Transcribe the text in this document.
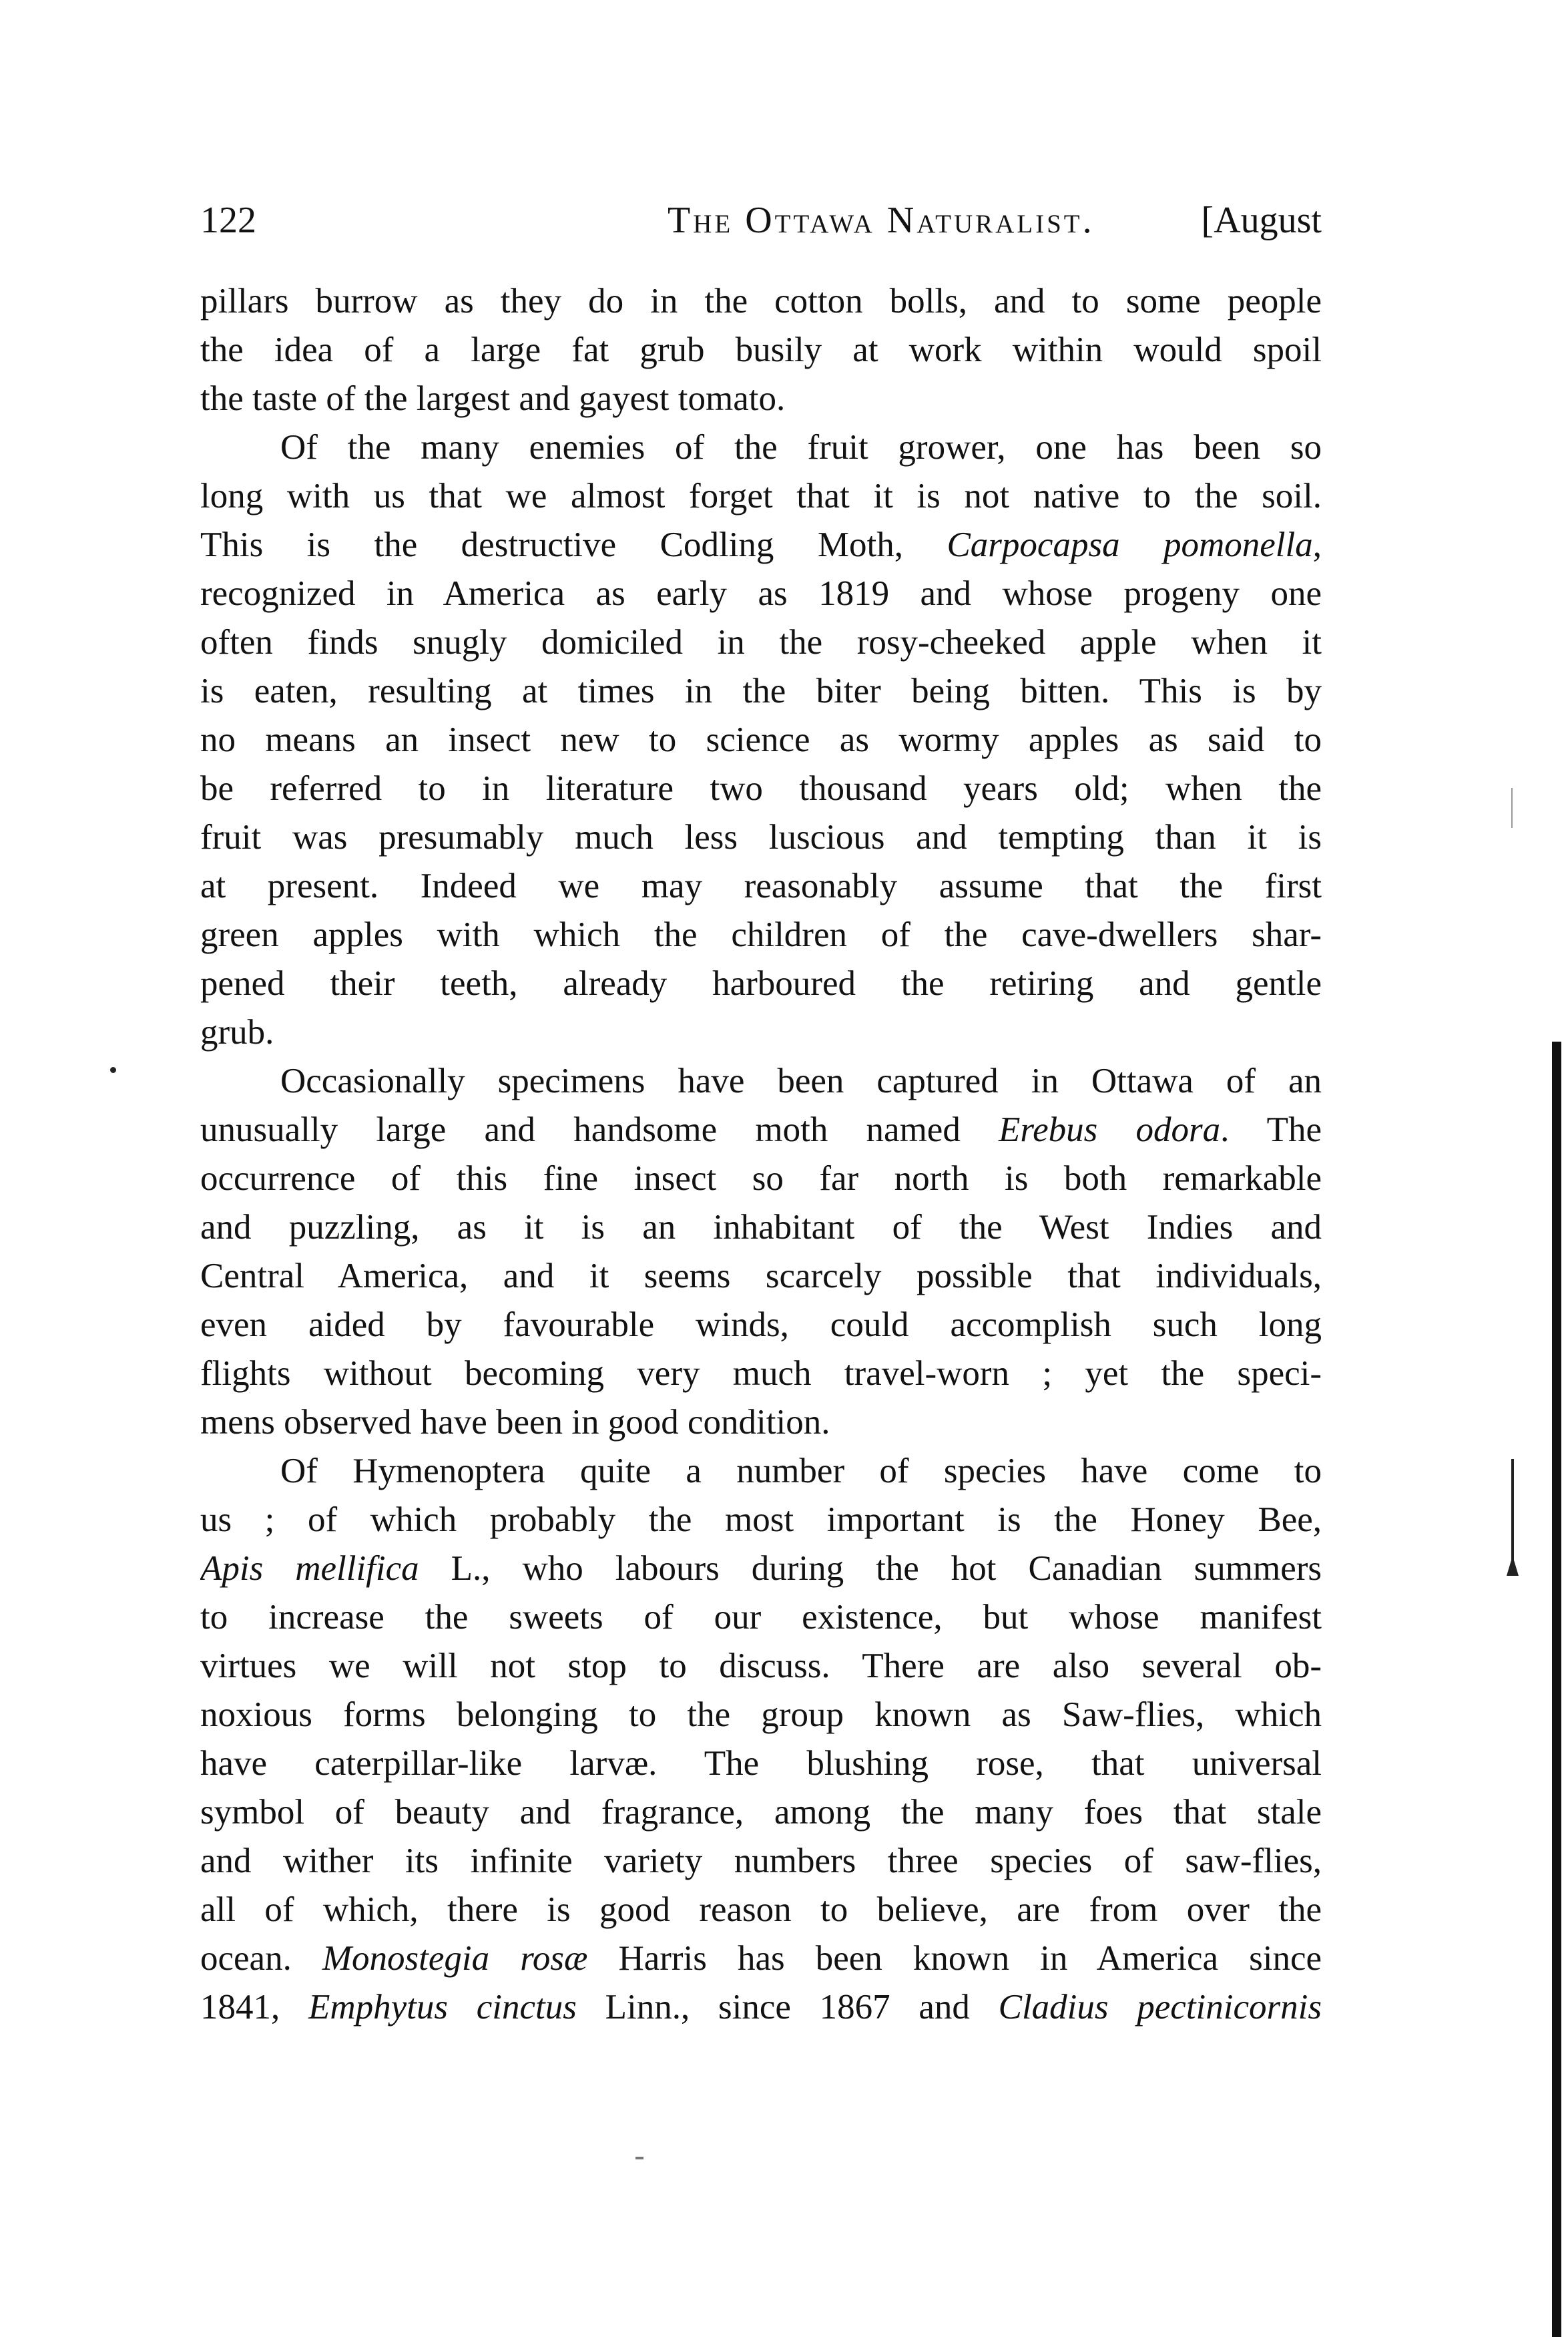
122	The Ottawa Naturalist.	[August
pillars burrow as they do in the cotton bolls, and to some people
the idea of a large fat grub busily at work within would spoil
the taste of the largest and gayest tomato.
Of the many enemies of the fruit grower, one has been so
long with us that we almost forget that it is not native to the soil.
This is the destructive Codling Moth, Carpocapsa pomonella,
recognized in America as early as 1819 and whose progeny one
often finds snugly domiciled in the rosy-cheeked apple when it
is eaten, resulting at times in the biter being bitten. This is by
no means an insect new to science as wormy apples as said to
be referred to in literature two thousand years old; when the
fruit was presumably much less luscious and tempting than it is
at present. Indeed we may reasonably assume that the first
green apples with which the children of the cave-dwellers shar-
pened their teeth, already harboured the retiring and gentle
grub.
Occasionally specimens have been captured in Ottawa of an
unusually large and handsome moth named Erebus odora. The
occurrence of this fine insect so far north is both remarkable
and puzzling, as it is an inhabitant of the West Indies and
Central America, and it seems scarcely possible that individuals,
even aided by favourable winds, could accomplish such long
flights without becoming very much travel-worn ; yet the speci-
mens observed have been in good condition.
Of Hymenoptera quite a number of species have come to
us ; of which probably the most important is the Honey Bee,
Apis mellifica L., who labours during the hot Canadian summers
to increase the sweets of our existence, but whose manifest
virtues we will not stop to discuss. There are also several ob-
noxious forms belonging to the group known as Saw-flies, which
have caterpillar-like larvæ. The blushing rose, that universal
symbol of beauty and fragrance, among the many foes that stale
and wither its infinite variety numbers three species of saw-flies,
all of which, there is good reason to believe, are from over the
ocean. Monostegia rosæ Harris has been known in America since
1841, Emphytus cinctus Linn., since 1867 and Cladius pectinicornis
